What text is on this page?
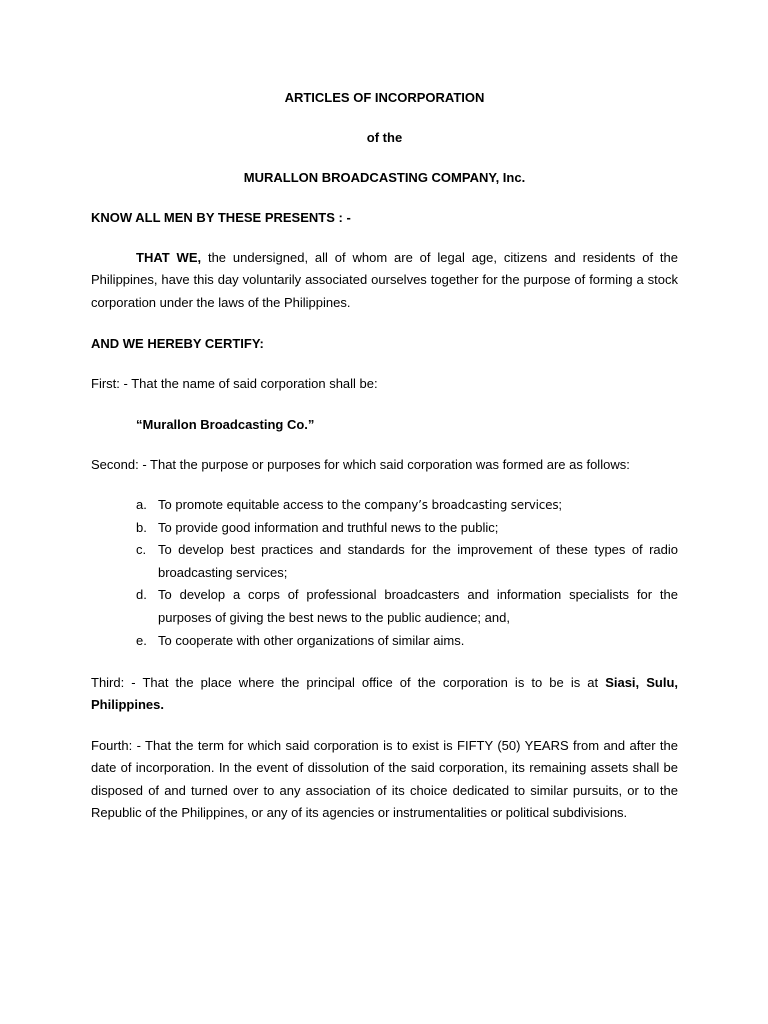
ARTICLES OF INCORPORATION
of the
MURALLON BROADCASTING COMPANY, Inc.
KNOW ALL MEN BY THESE PRESENTS : -
THAT WE, the undersigned, all of whom are of legal age, citizens and residents of the Philippines, have this day voluntarily associated ourselves together for the purpose of forming a stock corporation under the laws of the Philippines.
AND WE HEREBY CERTIFY:
First: - That the name of said corporation shall be:
“Murallon Broadcasting Co.”
Second: - That the purpose or purposes for which said corporation was formed are as follows:
a. To promote equitable access to the company’s broadcasting services;
b. To provide good information and truthful news to the public;
c. To develop best practices and standards for the improvement of these types of radio broadcasting services;
d. To develop a corps of professional broadcasters and information specialists for the purposes of giving the best news to the public audience; and,
e. To cooperate with other organizations of similar aims.
Third: - That the place where the principal office of the corporation is to be is at Siasi, Sulu, Philippines.
Fourth: - That the term for which said corporation is to exist is FIFTY (50) YEARS from and after the date of incorporation. In the event of dissolution of the said corporation, its remaining assets shall be disposed of and turned over to any association of its choice dedicated to similar pursuits, or to the Republic of the Philippines, or any of its agencies or instrumentalities or political subdivisions.
